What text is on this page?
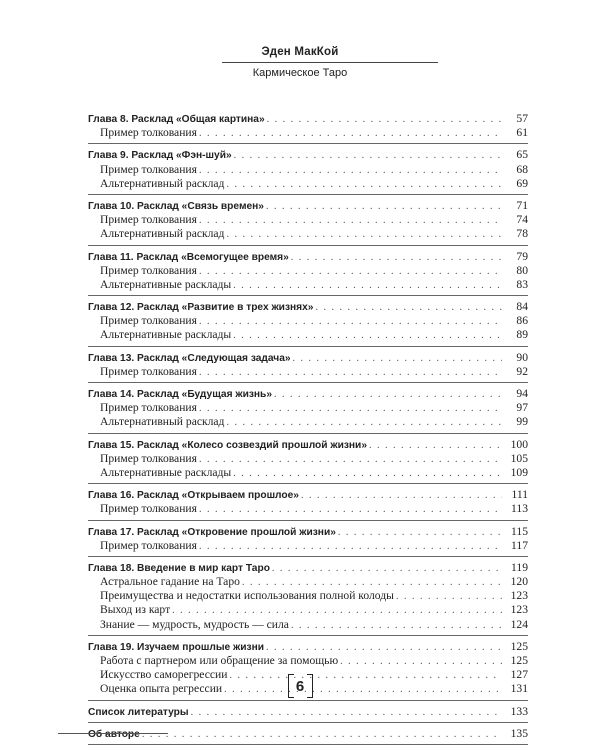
Эден МакКой
Кармическое Таро
Глава 8. Расклад «Общая картина» . . .	57
Пример толкования . . .	61
Глава 9. Расклад «Фэн-шуй» . . .	65
Пример толкования . . .	68
Альтернативный расклад . . .	69
Глава 10. Расклад «Связь времен» . . .	71
Пример толкования . . .	74
Альтернативный расклад . . .	78
Глава 11. Расклад «Всемогущее время» . . .	79
Пример толкования . . .	80
Альтернативные расклады . . .	83
Глава 12. Расклад «Развитие в трех жизнях» . . .	84
Пример толкования . . .	86
Альтернативные расклады . . .	89
Глава 13. Расклад «Следующая задача» . . .	90
Пример толкования . . .	92
Глава 14. Расклад «Будущая жизнь» . . .	94
Пример толкования . . .	97
Альтернативный расклад . . .	99
Глава 15. Расклад «Колесо созвездий прошлой жизни» . . .	100
Пример толкования . . .	105
Альтернативные расклады . . .	109
Глава 16. Расклад «Открываем прошлое» . . .	111
Пример толкования . . .	113
Глава 17. Расклад «Откровение прошлой жизни» . . .	115
Пример толкования . . .	117
Глава 18. Введение в мир карт Таро . . .	119
Астральное гадание на Таро . . .	120
Преимущества и недостатки использования полной колоды . . .	123
Выход из карт . . .	123
Знание — мудрость, мудрость — сила . . .	124
Глава 19. Изучаем прошлые жизни . . .	125
Работа с партнером или обращение за помощью . . .	125
Искусство саморегрессии . . .	127
Оценка опыта регрессии . . .	131
Список литературы . . .	133
Об авторе . . .	135
6
